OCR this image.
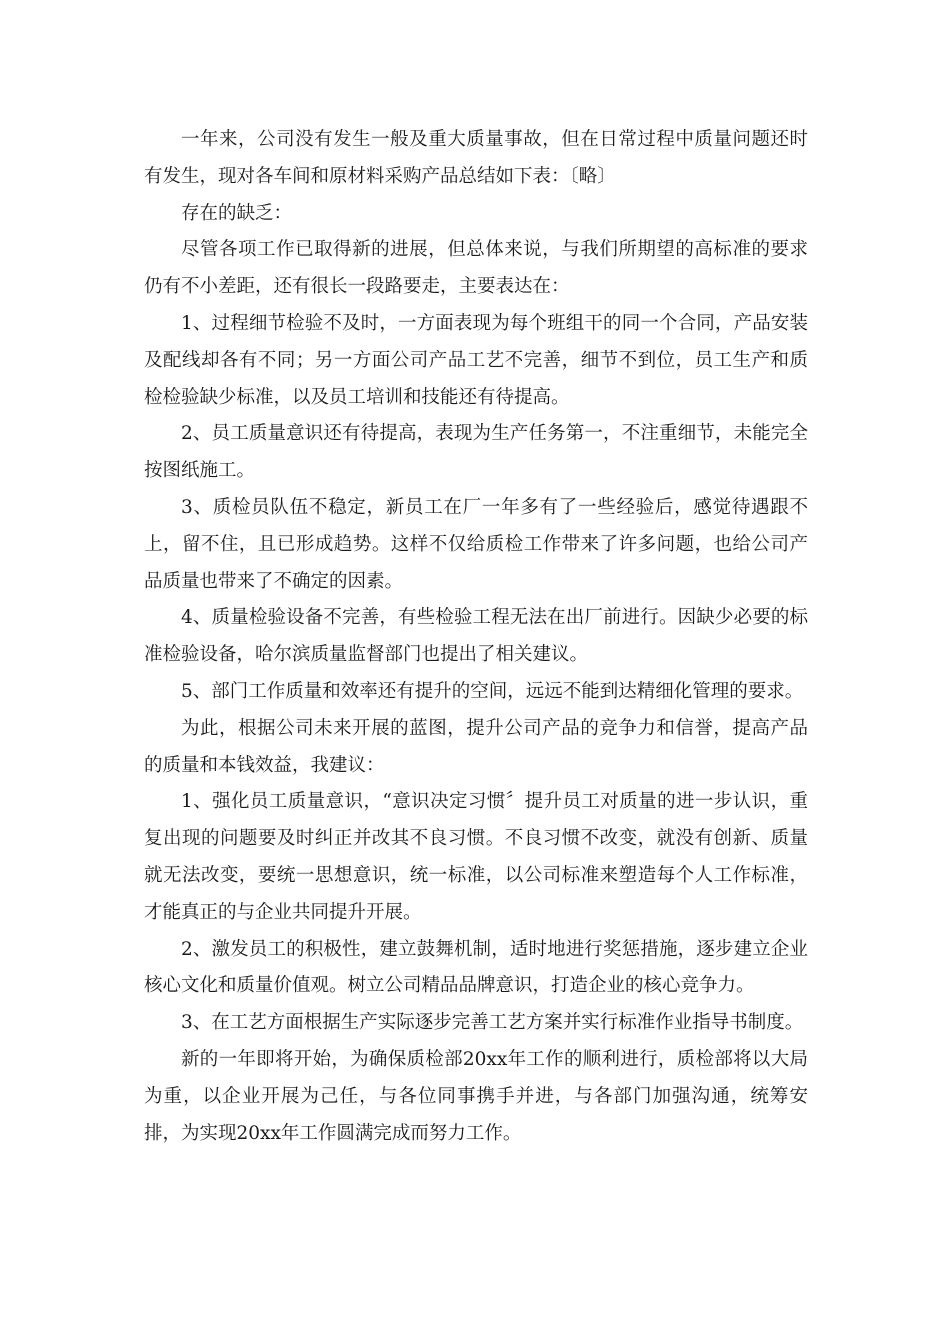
一年来，公司没有发生一般及重大质量事故，但在日常过程中质量问题还时有发生，现对各车间和原材料采购产品总结如下表：〔略〕

存在的缺乏：

尽管各项工作已取得新的进展，但总体来说，与我们所期望的高标准的要求仍有不小差距，还有很长一段路要走，主要表达在：

1、过程细节检验不及时，一方面表现为每个班组干的同一个合同，产品安装及配线却各有不同；另一方面公司产品工艺不完善，细节不到位，员工生产和质检检验缺少标准，以及员工培训和技能还有待提高。

2、员工质量意识还有待提高，表现为生产任务第一，不注重细节，未能完全按图纸施工。

3、质检员队伍不稳定，新员工在厂一年多有了一些经验后，感觉待遇跟不上，留不住，且已形成趋势。这样不仅给质检工作带来了许多问题，也给公司产品质量也带来了不确定的因素。

4、质量检验设备不完善，有些检验工程无法在出厂前进行。因缺少必要的标准检验设备，哈尔滨质量监督部门也提出了相关建议。

5、部门工作质量和效率还有提升的空间，远远不能到达精细化管理的要求。

为此，根据公司未来开展的蓝图，提升公司产品的竞争力和信誉，提高产品的质量和本钱效益，我建议：

1、强化员工质量意识，“意识决定习惯〞提升员工对质量的进一步认识，重复出现的问题要及时纠正并改其不良习惯。不良习惯不改变，就没有创新、质量就无法改变，要统一思想意识，统一标准，以公司标准来塑造每个人工作标准，才能真正的与企业共同提升开展。

2、激发员工的积极性，建立鼓舞机制，适时地进行奖惩措施，逐步建立企业核心文化和质量价值观。树立公司精品品牌意识，打造企业的核心竞争力。

3、在工艺方面根据生产实际逐步完善工艺方案并实行标准作业指导书制度。

新的一年即将开始，为确保质检部20xx年工作的顺利进行，质检部将以大局为重，以企业开展为己任，与各位同事携手并进，与各部门加强沟通，统筹安排，为实现20xx年工作圆满完成而努力工作。
